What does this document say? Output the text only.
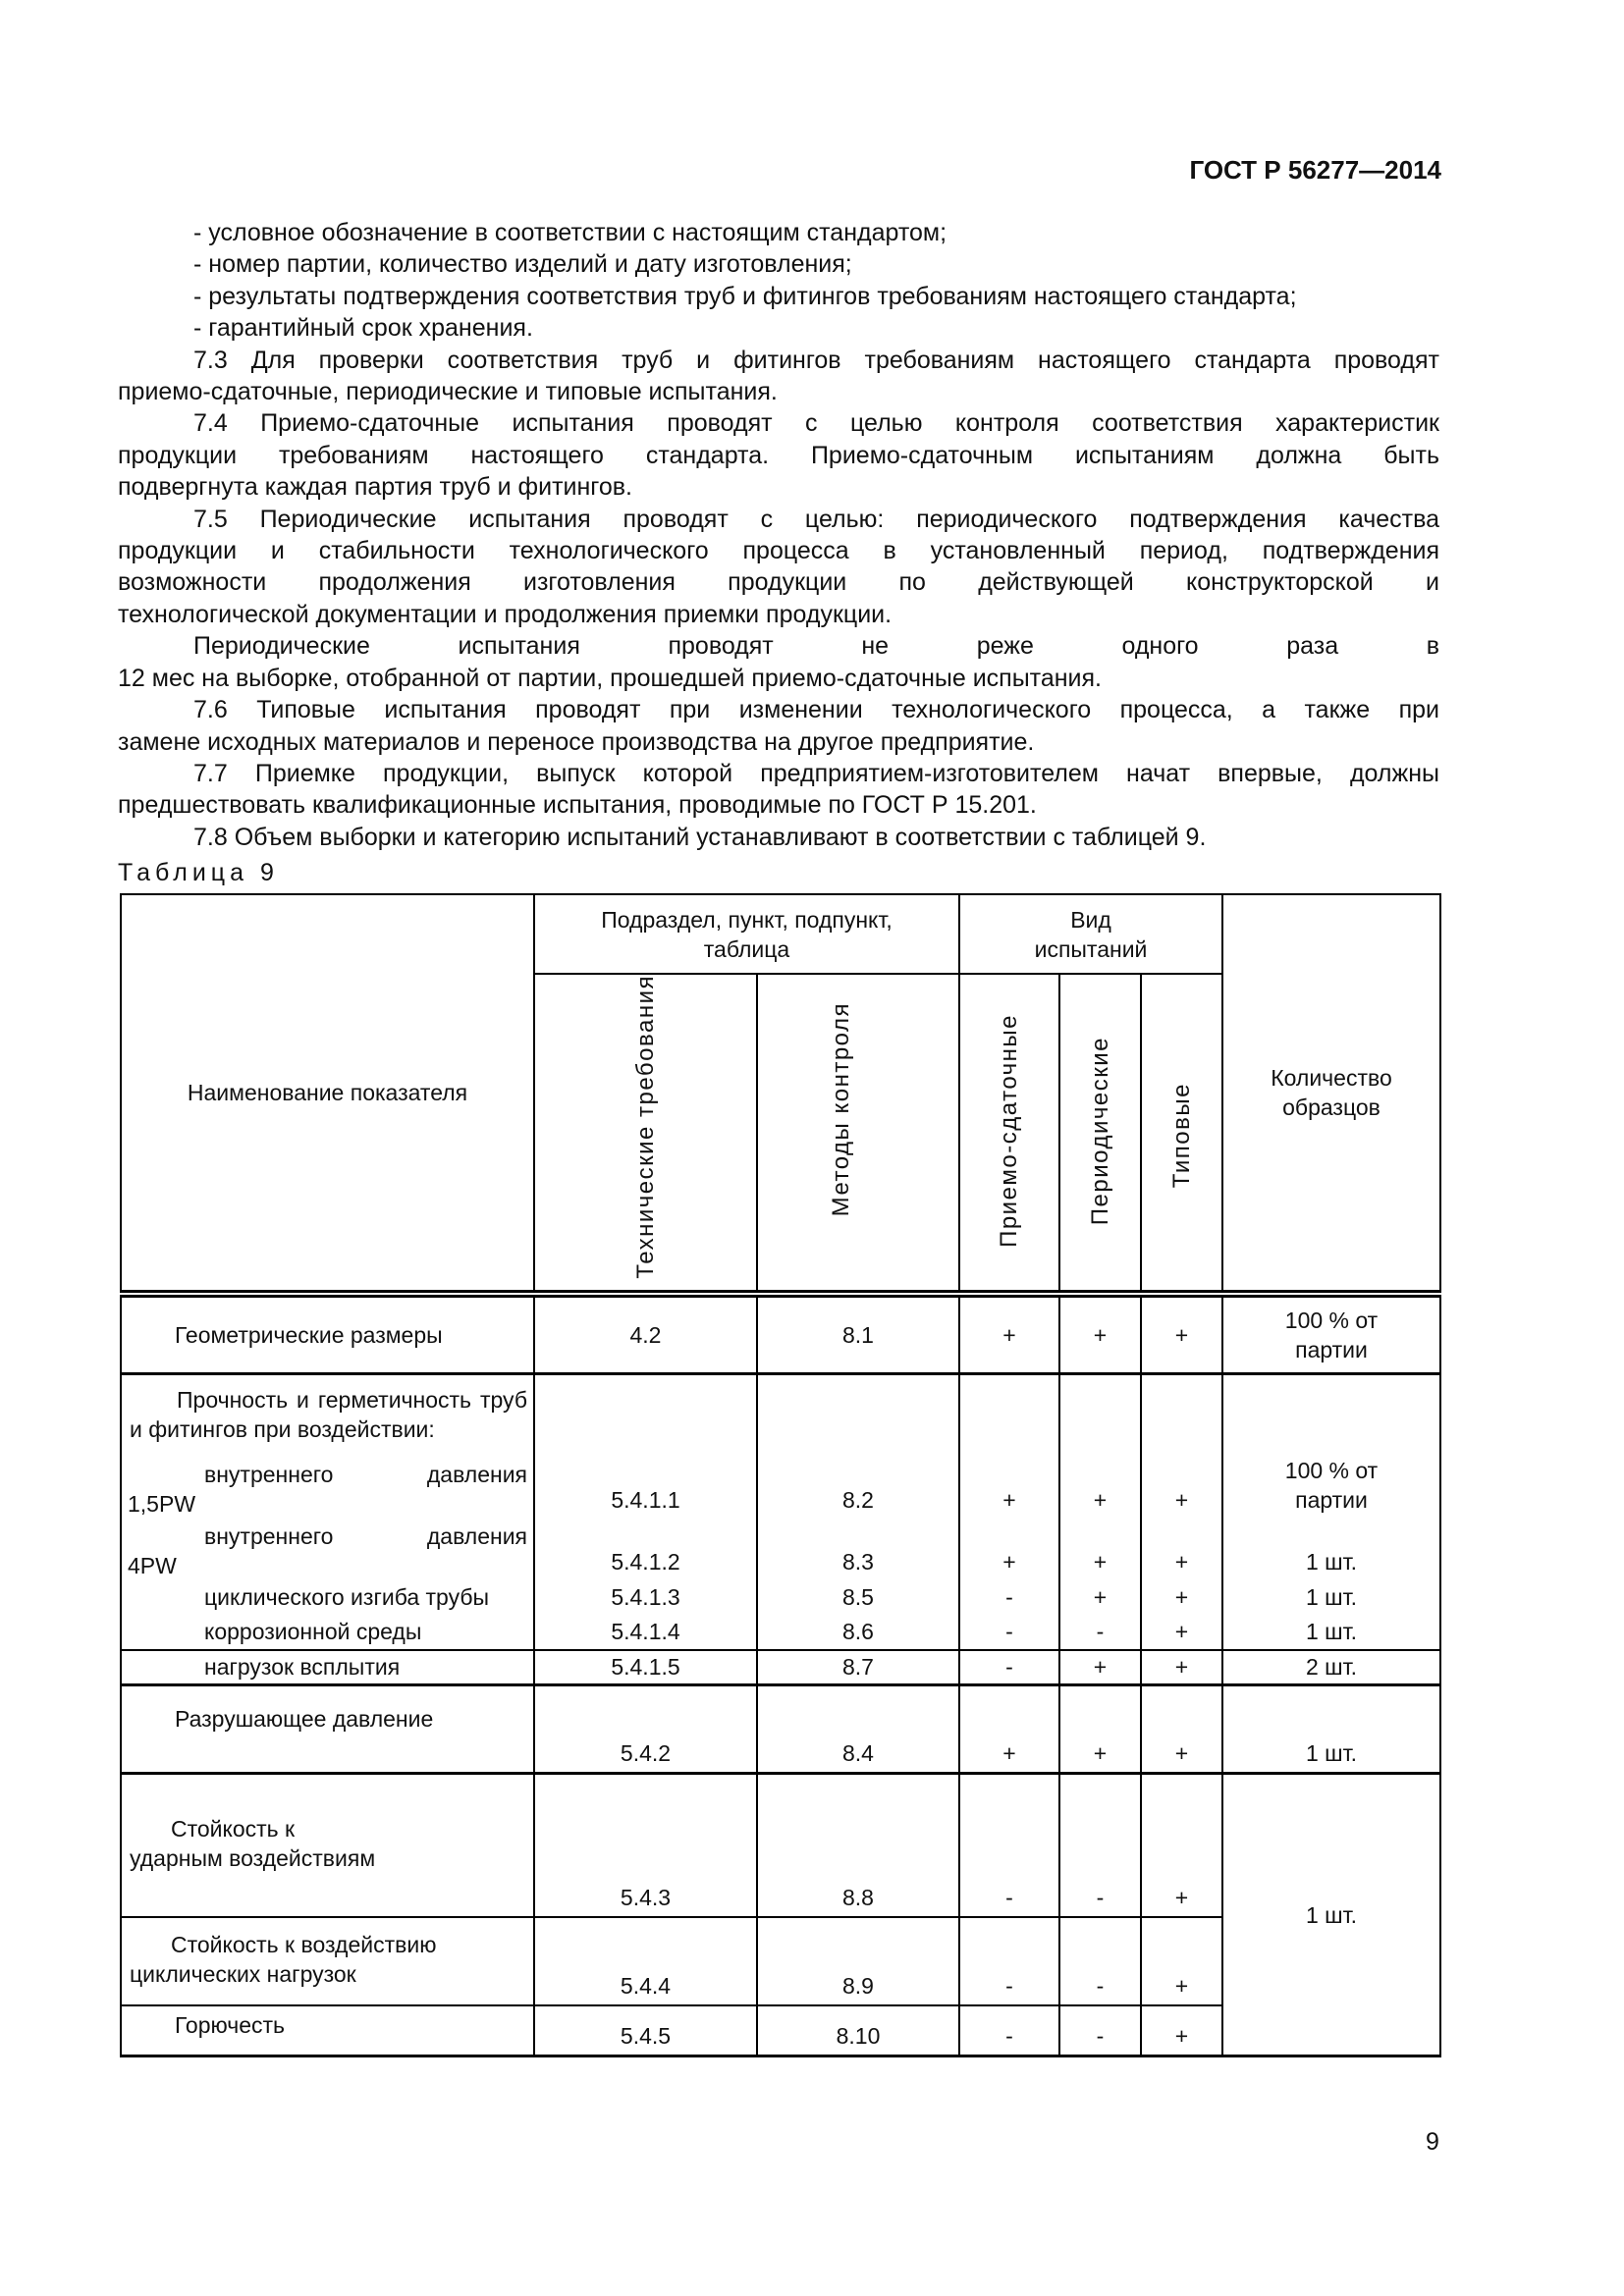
ГОСТ Р 56277—2014
- условное обозначение в соответствии с настоящим стандартом;
- номер партии, количество изделий и дату изготовления;
- результаты подтверждения соответствия труб и фитингов требованиям настоящего стандарта;
- гарантийный срок хранения.
7.3 Для проверки соответствия труб и фитингов требованиям настоящего стандарта проводят
приемо-сдаточные, периодические и типовые испытания.
7.4 Приемо-сдаточные испытания проводят с целью контроля соответствия характеристик
продукции требованиям настоящего стандарта. Приемо-сдаточным испытаниям должна быть
подвергнута каждая партия труб и фитингов.
7.5 Периодические испытания проводят с целью: периодического подтверждения качества
продукции и стабильности технологического процесса в установленный период, подтверждения
возможности продолжения изготовления продукции по действующей конструкторской и
технологической документации и продолжения приемки продукции.
Периодические испытания проводят не реже одного раза в
12 мес на выборке, отобранной от партии, прошедшей приемо-сдаточные испытания.
7.6 Типовые испытания проводят при изменении технологического процесса, а также при
замене исходных материалов и переносе производства на другое предприятие.
7.7 Приемке продукции, выпуск которой предприятием-изготовителем начат впервые, должны
предшествовать квалификационные испытания, проводимые по ГОСТ Р 15.201.
7.8 Объем выборки и категорию испытаний устанавливают в соответствии с таблицей 9.
Таблица 9
Наименование показателя	Подраздел, пункт, подпункт, таблица		Вид испытаний			Количество образцов
	Технические требования	Методы контроля	Приемо-сдаточные	Периодические	Типовые	
Геометрические размеры	4.2	8.1	+	+	+	100 % от партии
Прочность и герметичность труб и фитингов при воздействии:						

внутреннего давления
1,5PW	5.4.1.1	8.2	+	+	+	100 % от партии

внутреннего давления
4PW	5.4.1.2	8.3	+	+	+	1 шт.
циклического изгиба трубы	5.4.1.3	8.5	-	+	+	1 шт.
коррозионной среды	5.4.1.4	8.6	-	-	+	1 шт.
нагрузок всплытия	5.4.1.5	8.7	-	+	+	2 шт.
Разрушающее давление	5.4.2	8.4	+	+	+	1 шт.
Стойкость к ударным воздействиям	5.4.3	8.8	-	-	+	1 шт.
Стойкость к воздействию циклических нагрузок	5.4.4	8.9	-	-	+	
Горючесть	5.4.5	8.10	-	-	+	
9
